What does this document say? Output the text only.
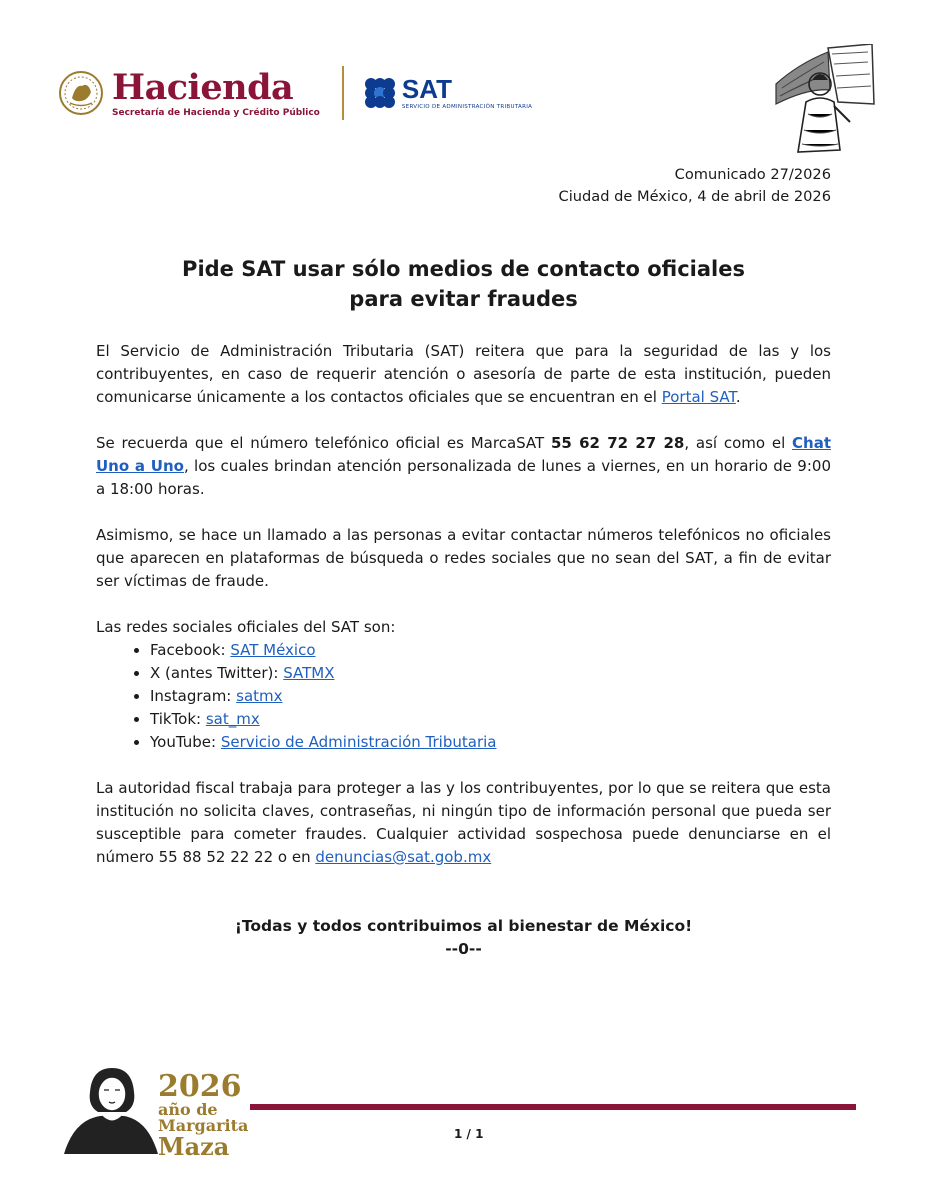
Hacienda
Secretaría de Hacienda y Crédito Público
SAT
SERVICIO DE ADMINISTRACIÓN TRIBUTARIA
Comunicado 27/2026
Ciudad de México, 4 de abril de 2026
Pide SAT usar sólo medios de contacto oficiales
para evitar fraudes

El Servicio de Administración Tributaria (SAT) reitera que para la seguridad de las y los contribuyentes, en caso de requerir atención o asesoría de parte de esta institución, pueden comunicarse únicamente a los contactos oficiales que se encuentran en el Portal SAT.

Se recuerda que el número telefónico oficial es MarcaSAT 55 62 72 27 28, así como el Chat Uno a Uno, los cuales brindan atención personalizada de lunes a viernes, en un horario de 9:00 a 18:00 horas.

Asimismo, se hace un llamado a las personas a evitar contactar números telefónicos no oficiales que aparecen en plataformas de búsqueda o redes sociales que no sean del SAT, a fin de evitar ser víctimas de fraude.

Las redes sociales oficiales del SAT son:
• Facebook: SAT México
• X (antes Twitter): SATMX
• Instagram: satmx
• TikTok: sat_mx
• YouTube: Servicio de Administración Tributaria

La autoridad fiscal trabaja para proteger a las y los contribuyentes, por lo que se reitera que esta institución no solicita claves, contraseñas, ni ningún tipo de información personal que pueda ser susceptible para cometer fraudes. Cualquier actividad sospechosa puede denunciarse en el número 55 88 52 22 22 o en denuncias@sat.gob.mx

¡Todas y todos contribuimos al bienestar de México!
--0--
2026
año de
Margarita
Maza	1 / 1
